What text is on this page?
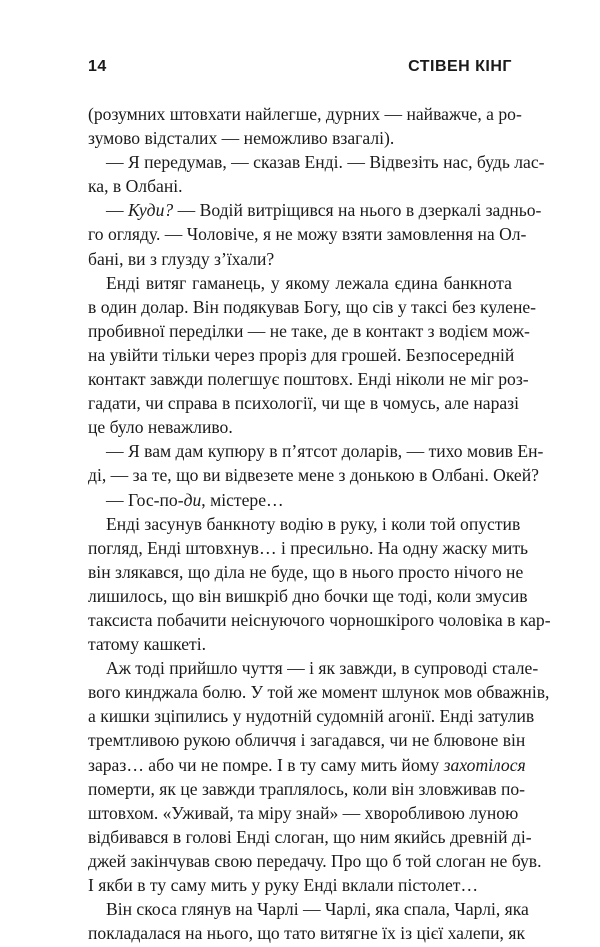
14	СТІВЕН КІНГ
(розумних штовхати найлегше, дурних — найважче, а ро-
зумово відсталих — неможливо взагалі).
— Я передумав, — сказав Енді. — Відвезіть нас, будь лас-
ка, в Олбані.
— Куди? — Водій витріщився на нього в дзеркалі задньо-
го огляду. — Чоловіче, я не можу взяти замовлення на Ол-
бані, ви з глузду з’їхали?
Енді витяг гаманець, у якому лежала єдина банкнота
в один долар. Він подякував Богу, що сів у таксі без кулене-
пробивної переділки — не таке, де в контакт з водієм мож-
на увійти тільки через проріз для грошей. Безпосередній
контакт завжди полегшує поштовх. Енді ніколи не міг роз-
гадати, чи справа в психології, чи ще в чомусь, але наразі
це було неважливо.
— Я вам дам купюру в п’ятсот доларів, — тихо мовив Ен-
ді, — за те, що ви відвезете мене з донькою в Олбані. Окей?
— Гос-по-ди, містере…
Енді засунув банкноту водію в руку, і коли той опустив
погляд, Енді штовхнув… і пресильно. На одну жаску мить
він злякався, що діла не буде, що в нього просто нічого не
лишилось, що він вишкріб дно бочки ще тоді, коли змусив
таксиста побачити неіснуючого чорношкірого чоловіка в кар-
татому кашкеті.
Аж тоді прийшло чуття — і як завжди, в супроводі стале-
вого кинджала болю. У той же момент шлунок мов обважнів,
а кишки зціпились у нудотній судомній агонії. Енді затулив
тремтливою рукою обличчя і загадався, чи не блювоне він
зараз… або чи не помре. І в ту саму мить йому захотілося
померти, як це завжди траплялось, коли він зловживав по-
штовхом. «Уживай, та міру знай» — хворобливою луною
відбивався в голові Енді слоган, що ним якийсь древній ді-
джей закінчував свою передачу. Про що б той слоган не був.
І якби в ту саму мить у руку Енді вклали пістолет…
Він скоса глянув на Чарлі — Чарлі, яка спала, Чарлі, яка
покладалася на нього, що тато витягне їх із цієї халепи, як
